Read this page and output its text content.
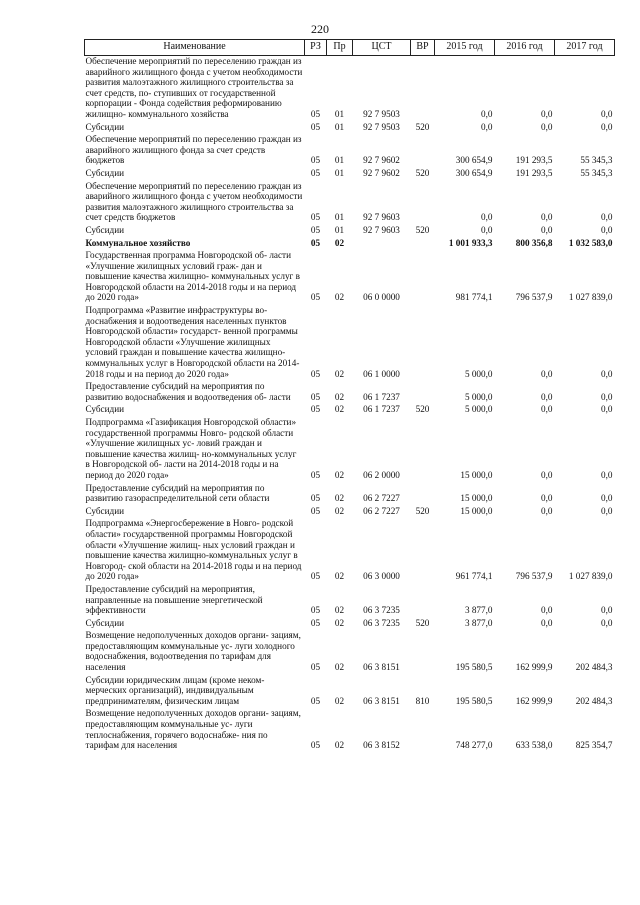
220
Наименование	РЗ	Пр	ЦСТ	ВР	2015 год	2016 год	2017 год
Обеспечение мероприятий по переселению граждан из аварийного жилищного фонда с учетом необходимости развития малоэтажного жилищного строительства за счет средств, по- ступивших от государственной корпорации - Фонда содействия реформированию жилищно- коммунального хозяйства	05	01	92 7 9503		0,0	0,0	0,0
Субсидии	05	01	92 7 9503	520	0,0	0,0	0,0
Обеспечение мероприятий по переселению граждан из аварийного жилищного фонда за счет средств бюджетов	05	01	92 7 9602		300 654,9	191 293,5	55 345,3
Субсидии	05	01	92 7 9602	520	300 654,9	191 293,5	55 345,3
Обеспечение мероприятий по переселению граждан из аварийного жилищного фонда с учетом необходимости развития малоэтажного жилищного строительства за счет средств бюджетов	05	01	92 7 9603		0,0	0,0	0,0
Субсидии	05	01	92 7 9603	520	0,0	0,0	0,0
Коммунальное хозяйство	05	02			1 001 933,3	800 356,8	1 032 583,0
Государственная программа Новгородской об- ласти «Улучшение жилищных условий граж- дан и повышение качества жилищно- коммунальных услуг в Новгородской области на 2014-2018 годы и на период до 2020 года»	05	02	06 0 0000		981 774,1	796 537,9	1 027 839,0
Подпрограмма «Развитие инфраструктуры во- доснабжения и водоотведения населенных пунктов Новгородской области» государст- венной программы Новгородской области «Улучшение жилищных условий граждан и повышение качества жилищно-коммунальных услуг в Новгородской области на 2014-2018 годы и на период до 2020 года»	05	02	06 1 0000		5 000,0	0,0	0,0
Предоставление субсидий на мероприятия по развитию водоснабжения и водоотведения об- ласти	05	02	06 1 7237		5 000,0	0,0	0,0
Субсидии	05	02	06 1 7237	520	5 000,0	0,0	0,0
Подпрограмма «Газификация Новгородской области» государственной программы Новго- родской области «Улучшение жилищных ус- ловий граждан и повышение качества жилищ- но-коммунальных услуг в Новгородской об- ласти на 2014-2018 годы и на период до 2020 года»	05	02	06 2 0000		15 000,0	0,0	0,0
Предоставление субсидий на мероприятия по развитию газораспределительной сети области	05	02	06 2 7227		15 000,0	0,0	0,0
Субсидии	05	02	06 2 7227	520	15 000,0	0,0	0,0
Подпрограмма «Энергосбережение в Новго- родской области» государственной программы Новгородской области «Улучшение жилищ- ных условий граждан и повышение качества жилищно-коммунальных услуг в Новгород- ской области на 2014-2018 годы и на период до 2020 года»	05	02	06 3 0000		961 774,1	796 537,9	1 027 839,0
Предоставление субсидий на мероприятия, направленные на повышение энергетической эффективности	05	02	06 3 7235		3 877,0	0,0	0,0
Субсидии	05	02	06 3 7235	520	3 877,0	0,0	0,0
Возмещение недополученных доходов органи- зациям, предоставляющим коммунальные ус- луги холодного водоснабжения, водоотведения по тарифам для населения	05	02	06 3 8151		195 580,5	162 999,9	202 484,3
Субсидии юридическим лицам (кроме неком- мерческих организаций), индивидуальным предпринимателям, физическим лицам	05	02	06 3 8151	810	195 580,5	162 999,9	202 484,3
Возмещение недополученных доходов органи- зациям, предоставляющим коммунальные ус- луги теплоснабжения, горячего водоснабже- ния по тарифам для населения	05	02	06 3 8152		748 277,0	633 538,0	825 354,7
